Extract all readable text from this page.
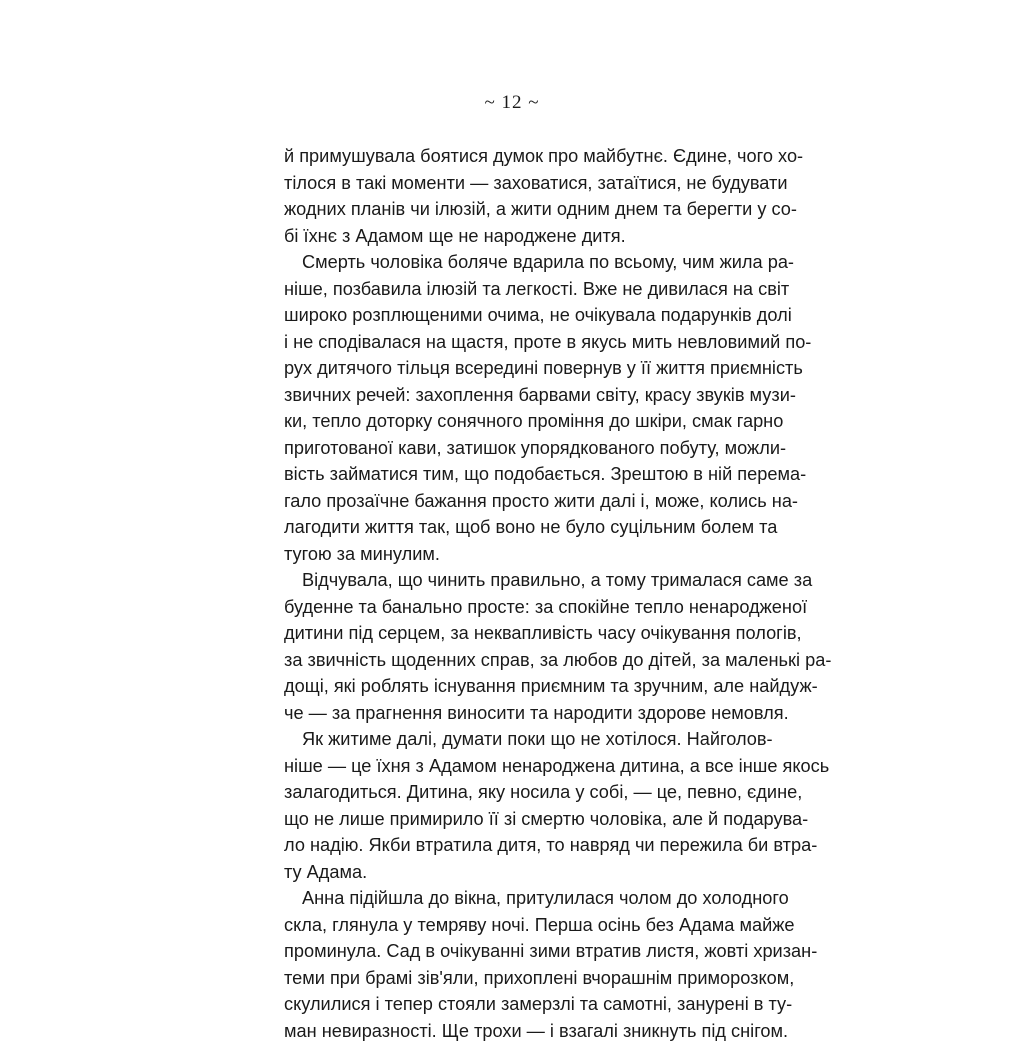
~ 12 ~
й примушувала боятися думок про майбутнє. Єдине, чого хо-
тілося в такі моменти — заховатися, затаїтися, не будувати
жодних планів чи ілюзій, а жити одним днем та берегти у со-
бі їхнє з Адамом ще не народжене дитя.
Смерть чоловіка боляче вдарила по всьому, чим жила ра-
ніше, позбавила ілюзій та легкості. Вже не дивилася на світ
широко розплющеними очима, не очікувала подарунків долі
і не сподівалася на щастя, проте в якусь мить невловимий по-
рух дитячого тільця всередині повернув у її життя приємність
звичних речей: захоплення барвами світу, красу звуків музи-
ки, тепло доторку сонячного проміння до шкіри, смак гарно
приготованої кави, затишок упорядкованого побуту, можли-
вість займатися тим, що подобається. Зрештою в ній перема-
гало прозаїчне бажання просто жити далі і, може, колись на-
лагодити життя так, щоб воно не було суцільним болем та
тугою за минулим.
Відчувала, що чинить правильно, а тому трималася саме за
буденне та банально просте: за спокійне тепло ненародженої
дитини під серцем, за неквапливість часу очікування пологів,
за звичність щоденних справ, за любов до дітей, за маленькі ра-
дощі, які роблять існування приємним та зручним, але найдуж-
че — за прагнення виносити та народити здорове немовля.
Як житиме далі, думати поки що не хотілося. Найголов-
ніше — це їхня з Адамом ненароджена дитина, а все інше якось
залагодиться. Дитина, яку носила у собі, — це, певно, єдине,
що не лише примирило її зі смертю чоловіка, але й подарува-
ло надію. Якби втратила дитя, то навряд чи пережила би втра-
ту Адама.
Анна підійшла до вікна, притулилася чолом до холодного
скла, глянула у темряву ночі. Перша осінь без Адама майже
проминула. Сад в очікуванні зими втратив листя, жовті хризан-
теми при брамі зів'яли, прихоплені вчорашнім приморозком,
скулилися і тепер стояли замерзлі та самотні, занурені в ту-
ман невиразності. Ще трохи — і взагалі зникнуть під снігом.
